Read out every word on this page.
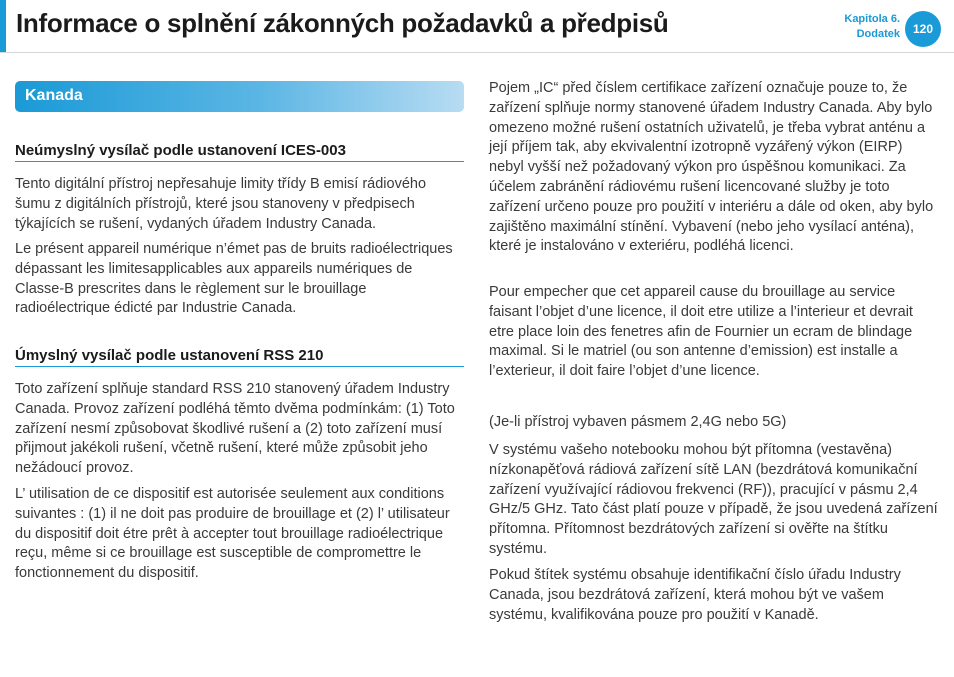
Informace o splnění zákonných požadavků a předpisů	Kapitola 6.
Dodatek	120
Kanada
Neúmyslný vysílač podle ustanovení ICES-003

Tento digitální přístroj nepřesahuje limity třídy B emisí rádiového šumu z digitálních přístrojů, které jsou stanoveny v předpisech týkajících se rušení, vydaných úřadem Industry Canada.

Le présent appareil numérique n’émet pas de bruits radioélectriques dépassant les limitesapplicables aux appareils numériques de Classe-B prescrites dans le règlement sur le brouillage radioélectrique édicté par Industrie Canada.

Úmyslný vysílač podle ustanovení RSS 210

Toto zařízení splňuje standard RSS 210 stanovený úřadem Industry Canada. Provoz zařízení podléhá těmto dvěma podmínkám: (1) Toto zařízení nesmí způsobovat škodlivé rušení a (2) toto zařízení musí přijmout jakékoli rušení, včetně rušení, které může způsobit jeho nežádoucí provoz.

L’ utilisation de ce dispositif est autorisée seulement aux conditions suivantes : (1) il ne doit pas produire de brouillage et (2) l’ utilisateur du dispositif doit étre prêt à accepter tout brouillage radioélectrique reçu, même si ce brouillage est susceptible de compromettre le fonctionnement du dispositif.

Pojem „IC“ před číslem certifikace zařízení označuje pouze to, že zařízení splňuje normy stanovené úřadem Industry Canada. Aby bylo omezeno možné rušení ostatních uživatelů, je třeba vybrat anténu a její příjem tak, aby ekvivalentní izotropně vyzářený výkon (EIRP) nebyl vyšší než požadovaný výkon pro úspěšnou komunikaci. Za účelem zabránění rádiovému rušení licencované služby je toto zařízení určeno pouze pro použití v interiéru a dále od oken, aby bylo zajištěno maximální stínění. Vybavení (nebo jeho vysílací anténa), které je instalováno v exteriéru, podléhá licenci.

Pour empecher que cet appareil cause du brouillage au service faisant l’objet d’une licence, il doit etre utilize a l’interieur et devrait etre place loin des fenetres afin de Fournier un ecram de blindage maximal. Si le matriel (ou son antenne d’emission) est installe a l’exterieur, il doit faire l’objet d’une licence.

(Je-li přístroj vybaven pásmem 2,4G nebo 5G)

V systému vašeho notebooku mohou být přítomna (vestavěna) nízkonapěťová rádiová zařízení sítě LAN (bezdrátová komunikační zařízení využívající rádiovou frekvenci (RF)), pracující v pásmu 2,4 GHz/5 GHz. Tato část platí pouze v případě, že jsou uvedená zařízení přítomna. Přítomnost bezdrátových zařízení si ověřte na štítku systému.

Pokud štítek systému obsahuje identifikační číslo úřadu Industry Canada, jsou bezdrátová zařízení, která mohou být ve vašem systému, kvalifikována pouze pro použití v Kanadě.
